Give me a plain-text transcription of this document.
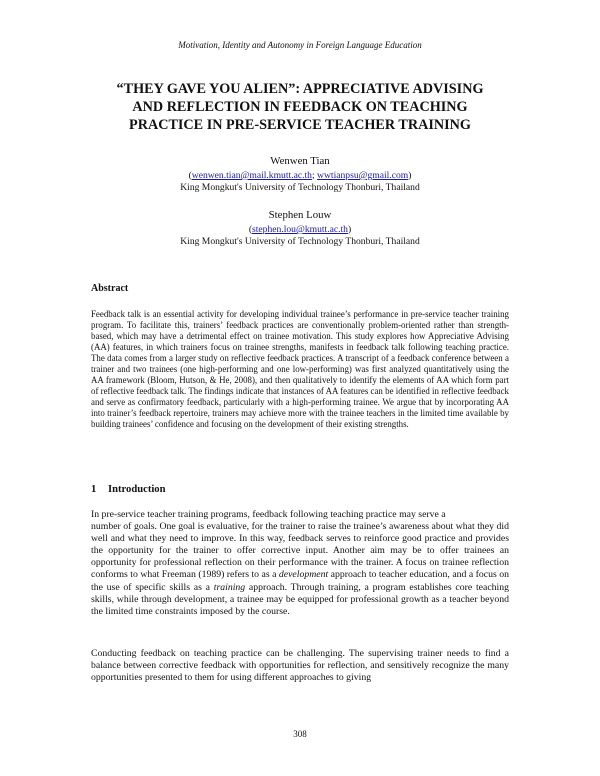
Motivation, Identity and Autonomy in Foreign Language Education
“THEY GAVE YOU ALIEN”: APPRECIATIVE ADVISING
AND REFLECTION IN FEEDBACK ON TEACHING
PRACTICE IN PRE-SERVICE TEACHER TRAINING
Wenwen Tian
(wenwen.tian@mail.kmutt.ac.th; wwtianpsu@gmail.com)
King Mongkut's University of Technology Thonburi, Thailand
Stephen Louw
(stephen.lou@kmutt.ac.th)
King Mongkut's University of Technology Thonburi, Thailand
Abstract

Feedback talk is an essential activity for developing individual trainee’s performance in pre-service teacher training program. To facilitate this, trainers’ feedback practices are conventionally problem-oriented rather than strength-based, which may have a detrimental effect on trainee motivation. This study explores how Appreciative Advising (AA) features, in which trainers focus on trainee strengths, manifests in feedback talk following teaching practice. The data comes from a larger study on reflective feedback practices. A transcript of a feedback conference between a trainer and two trainees (one high-performing and one low-performing) was first analyzed quantitatively using the AA framework (Bloom, Hutson, & He, 2008), and then qualitatively to identify the elements of AA which form part of reflective feedback talk. The findings indicate that instances of AA features can be identified in reflective feedback and serve as confirmatory feedback, particularly with a high-performing trainee. We argue that by incorporating AA into trainer’s feedback repertoire, trainers may achieve more with the trainee teachers in the limited time available by building trainees’ confidence and focusing on the development of their existing strengths.

1 Introduction

In pre-service teacher training programs, feedback following teaching practice may serve a
number of goals. One goal is evaluative, for the trainer to raise the trainee’s awareness about what they did well and what they need to improve. In this way, feedback serves to reinforce good practice and provides the opportunity for the trainer to offer corrective input. Another aim may be to offer trainees an opportunity for professional reflection on their performance with the trainer. A focus on trainee reflection conforms to what Freeman (1989) refers to as a development approach to teacher education, and a focus on the use of specific skills as a training approach. Through training, a program establishes core teaching skills, while through development, a trainee may be equipped for professional growth as a teacher beyond the limited time constraints imposed by the course.

Conducting feedback on teaching practice can be challenging. The supervising trainer needs to find a balance between corrective feedback with opportunities for reflection, and sensitively recognize the many opportunities presented to them for using different approaches to giving

308
